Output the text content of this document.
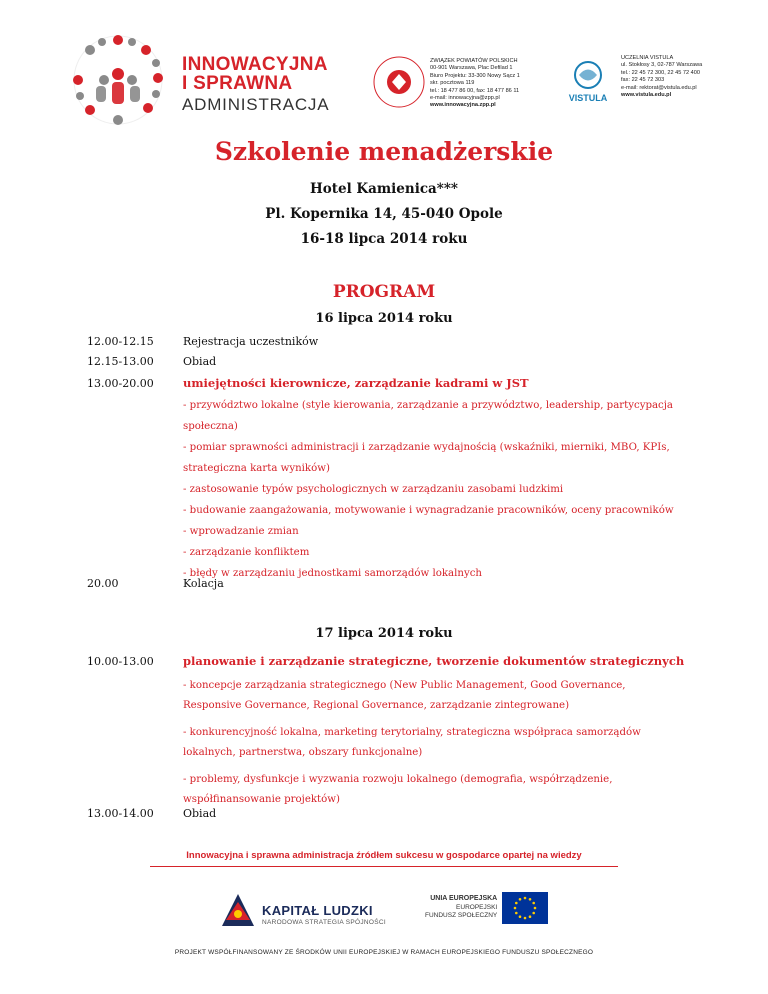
INNOWACYJNA
I SPRAWNA
ADMINISTRACJA
ZWIĄZEK POWIATÓW POLSKICH
00-901 Warszawa, Plac Defilad 1
Biuro Projektu: 33-300 Nowy Sącz 1
skr. pocztowa 119
tel.: 18 477 86 00, fax: 18 477 86 11
e-mail: innowacyjna@zpp.pl
www.innowacyjna.zpp.pl
VISTULA
UCZELNIA VISTULA
ul. Stokłosy 3, 02-787 Warszawa
tel.: 22 45 72 300, 22 45 72 400
fax: 22 45 72 303
e-mail: rektorat@vistula.edu.pl
www.vistula.edu.pl
Szkolenie menadżerskie
Hotel Kamienica***
Pl. Kopernika 14, 45-040 Opole
16-18 lipca 2014 roku
PROGRAM
16 lipca 2014 roku
12.00-12.15	Rejestracja uczestników
12.15-13.00	Obiad
13.00-20.00	umiejętności kierownicze, zarządzanie kadrami w JST
- przywództwo lokalne (style kierowania, zarządzanie a przywództwo, leadership, partycypacja
społeczna)
- pomiar sprawności administracji i zarządzanie wydajnością (wskaźniki, mierniki, MBO, KPIs,
strategiczna karta wyników)
- zastosowanie typów psychologicznych w zarządzaniu zasobami ludzkimi
- budowanie zaangażowania, motywowanie i wynagradzanie pracowników, oceny pracowników
- wprowadzanie zmian
- zarządzanie konfliktem
- błędy w zarządzaniu jednostkami samorządów lokalnych
20.00	Kolacja
17 lipca 2014 roku
10.00-13.00	planowanie i zarządzanie strategiczne, tworzenie dokumentów strategicznych
- koncepcje zarządzania strategicznego (New Public Management, Good Governance,
Responsive Governance, Regional Governance, zarządzanie zintegrowane)
- konkurencyjność lokalna, marketing terytorialny, strategiczna współpraca samorządów
lokalnych, partnerstwa, obszary funkcjonalne)
- problemy, dysfunkcje i wyzwania rozwoju lokalnego (demografia, współrządzenie,
współfinansowanie projektów)
13.00-14.00	Obiad
Innowacyjna i sprawna administracja źródłem sukcesu w gospodarce opartej na wiedzy
KAPITAŁ LUDZKI
NARODOWA STRATEGIA SPÓJNOŚCI
UNIA EUROPEJSKA
EUROPEJSKI
FUNDUSZ SPOŁECZNY
PROJEKT WSPÓŁFINANSOWANY ZE ŚRODKÓW UNII EUROPEJSKIEJ W RAMACH EUROPEJSKIEGO FUNDUSZU SPOŁECZNEGO
